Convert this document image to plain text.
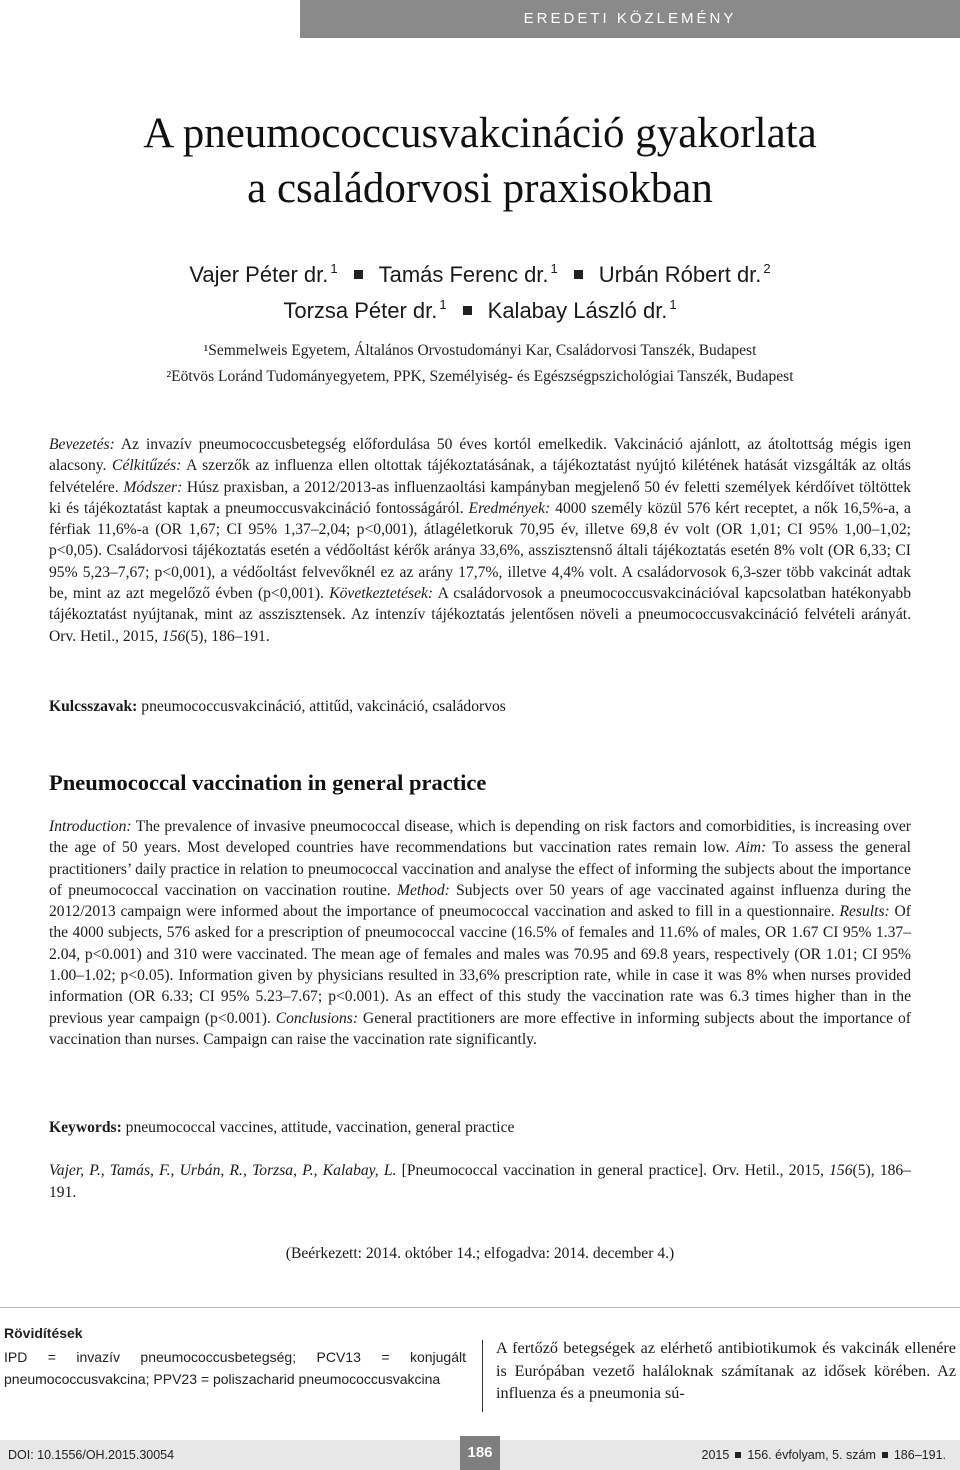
EREDETI KÖZLEMÉNY
A pneumococcusvakcináció gyakorlata
a családorvosi praxisokban
Vajer Péter dr. $^1$ Tamás Ferenc dr. $^1$ Urbán Róbert dr. $^2$
Torzsa Péter dr. $^1$ Kalabay László dr. $^1$
¹Semmelweis Egyetem, Általános Orvostudományi Kar, Családorvosi Tanszék, Budapest
²Eötvös Loránd Tudományegyetem, PPK, Személyiség- és Egészségpszichológiai Tanszék, Budapest
Bevezetés: Az invazív pneumococcusbetegség előfordulása 50 éves kortól emelkedik. Vakcináció ajánlott, az átoltottság mégis igen alacsony. Célkitűzés: A szerzők az influenza ellen oltottak tájékoztatásának, a tájékoztatást nyújtó kilétének hatását vizsgálták az oltás felvételére. Módszer: Húsz praxisban, a 2012/2013-as influenzaoltási kampányban megjelenő 50 év feletti személyek kérdőívet töltöttek ki és tájékoztatást kaptak a pneumoccusvakcináció fontosságáról. Eredmények: 4000 személy közül 576 kért receptet, a nők 16,5%-a, a férfiak 11,6%-a (OR 1,67; CI 95% 1,37–2,04; p<0,001), átlagéletkoruk 70,95 év, illetve 69,8 év volt (OR 1,01; CI 95% 1,00–1,02; p<0,05). Családorvosi tájékoztatás esetén a védőoltást kérők aránya 33,6%, asszisztensnő általi tájékoztatás esetén 8% volt (OR 6,33; CI 95% 5,23–7,67; p<0,001), a védőoltást felvevőknél ez az arány 17,7%, illetve 4,4% volt. A családorvosok 6,3-szer több vakcinát adtak be, mint az azt megelőző évben (p<0,001). Következtetések: A családorvosok a pneumococcusvakcinációval kapcsolatban hatékonyabb tájékoztatást nyújtanak, mint az asszisztensek. Az intenzív tájékoztatás jelentősen növeli a pneumococcusvakcináció felvételi arányát. Orv. Hetil., 2015, 156(5), 186–191.
Kulcsszavak: pneumococcusvakcináció, attitűd, vakcináció, családorvos
Pneumococcal vaccination in general practice
Introduction: The prevalence of invasive pneumococcal disease, which is depending on risk factors and comorbidities, is increasing over the age of 50 years. Most developed countries have recommendations but vaccination rates remain low. Aim: To assess the general practitioners’ daily practice in relation to pneumococcal vaccination and analyse the effect of informing the subjects about the importance of pneumococcal vaccination on vaccination routine. Method: Subjects over 50 years of age vaccinated against influenza during the 2012/2013 campaign were informed about the importance of pneumococcal vaccination and asked to fill in a questionnaire. Results: Of the 4000 subjects, 576 asked for a prescription of pneumococcal vaccine (16.5% of females and 11.6% of males, OR 1.67 CI 95% 1.37–2.04, p<0.001) and 310 were vaccinated. The mean age of females and males was 70.95 and 69.8 years, respectively (OR 1.01; CI 95% 1.00–1.02; p<0.05). Information given by physicians resulted in 33,6% prescription rate, while in case it was 8% when nurses provided information (OR 6.33; CI 95% 5.23–7.67; p<0.001). As an effect of this study the vaccination rate was 6.3 times higher than in the previous year campaign (p<0.001). Conclusions: General practitioners are more effective in informing subjects about the importance of vaccination than nurses. Campaign can raise the vaccination rate significantly.
Keywords: pneumococcal vaccines, attitude, vaccination, general practice
Vajer, P., Tamás, F., Urbán, R., Torzsa, P., Kalabay, L. [Pneumococcal vaccination in general practice]. Orv. Hetil., 2015, 156(5), 186–191.
(Beérkezett: 2014. október 14.; elfogadva: 2014. december 4.)
Rövidítések
IPD = invazív pneumococcusbetegség; PCV13 = konjugált pneumococcusvakcina; PPV23 = poliszacharid pneumococcusvakcina
A fertőző betegségek az elérhető antibiotikumok és vakcinák ellenére is Európában vezető haláloknak számítanak az idősek körében. Az influenza és a pneumonia sú-
DOI: 10.1556/OH.2015.30054	186	2015 156. évfolyam, 5. szám 186–191.
